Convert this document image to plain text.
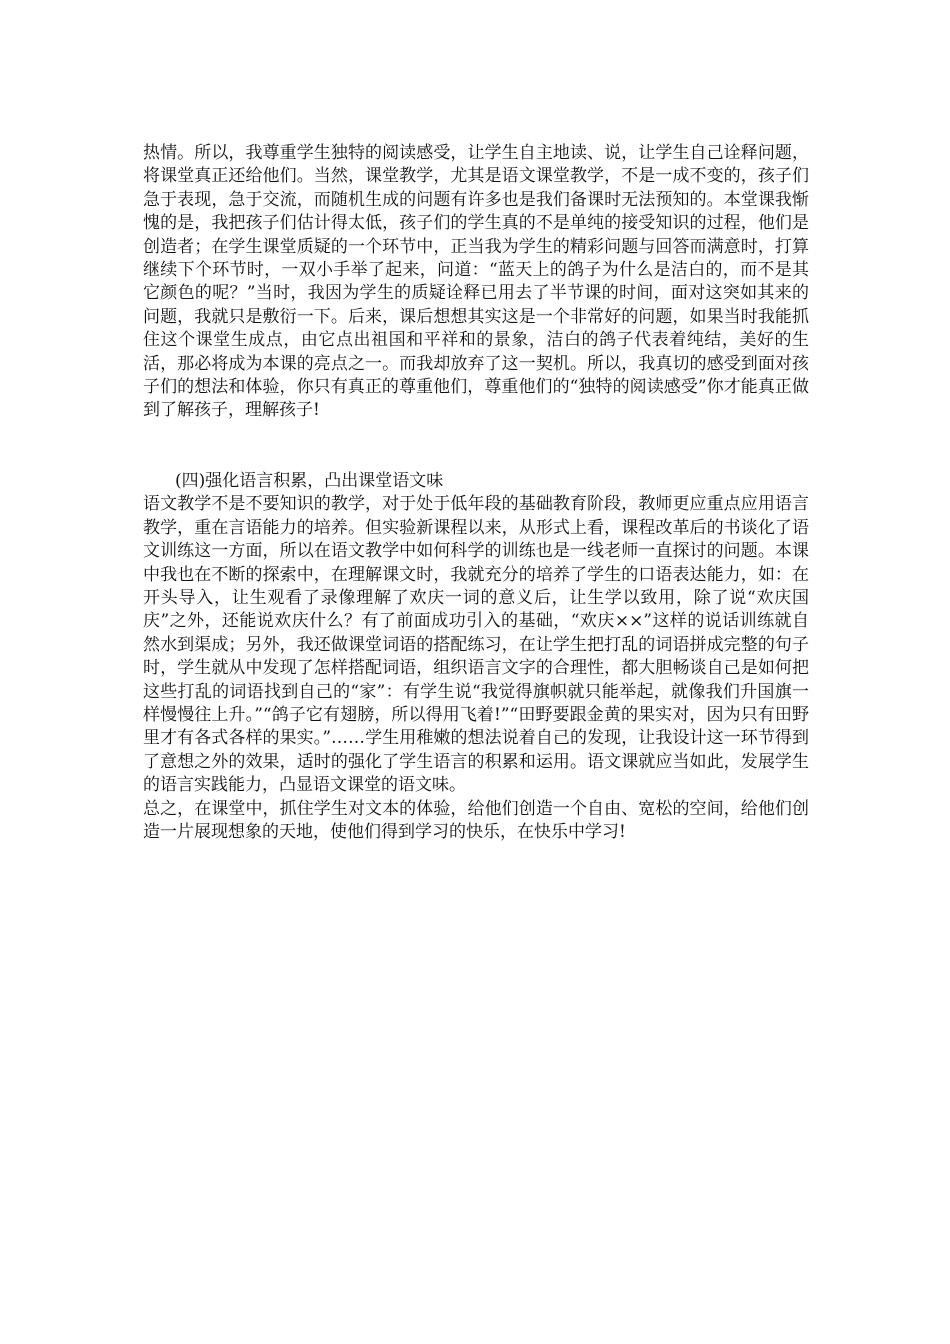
热情。所以，我尊重学生独特的阅读感受，让学生自主地读、说，让学生自己诠释问题，将课堂真正还给他们。当然，课堂教学，尤其是语文课堂教学，不是一成不变的，孩子们急于表现，急于交流，而随机生成的问题有许多也是我们备课时无法预知的。本堂课我惭愧的是，我把孩子们估计得太低，孩子们的学生真的不是单纯的接受知识的过程，他们是创造者；在学生课堂质疑的一个环节中，正当我为学生的精彩问题与回答而满意时，打算继续下个环节时，一双小手举了起来，问道：“蓝天上的鸽子为什么是洁白的，而不是其它颜色的呢？”当时，我因为学生的质疑诠释已用去了半节课的时间，面对这突如其来的问题，我就只是敷衍一下。后来，课后想想其实这是一个非常好的问题，如果当时我能抓住这个课堂生成点，由它点出祖国和平祥和的景象，洁白的鸽子代表着纯结，美好的生活，那必将成为本课的亮点之一。而我却放弃了这一契机。所以，我真切的感受到面对孩子们的想法和体验，你只有真正的尊重他们，尊重他们的“独特的阅读感受”你才能真正做到了解孩子，理解孩子!

(四)强化语言积累，凸出课堂语文味

语文教学不是不要知识的教学，对于处于低年段的基础教育阶段，教师更应重点应用语言教学，重在言语能力的培养。但实验新课程以来，从形式上看，课程改革后的书谈化了语文训练这一方面，所以在语文教学中如何科学的训练也是一线老师一直探讨的问题。本课中我也在不断的探索中，在理解课文时，我就充分的培养了学生的口语表达能力，如：在开头导入，让生观看了录像理解了欢庆一词的意义后，让生学以致用，除了说“欢庆国庆”之外，还能说欢庆什么？有了前面成功引入的基础，“欢庆××”这样的说话训练就自然水到渠成；另外，我还做课堂词语的搭配练习，在让学生把打乱的词语拼成完整的句子时，学生就从中发现了怎样搭配词语，组织语言文字的合理性，都大胆畅谈自己是如何把这些打乱的词语找到自己的“家”：有学生说“我觉得旗帜就只能举起，就像我们升国旗一样慢慢往上升。”“鸽子它有翅膀，所以得用飞着!”“田野要跟金黄的果实对，因为只有田野里才有各式各样的果实。”……学生用稚嫩的想法说着自己的发现，让我设计这一环节得到了意想之外的效果，适时的强化了学生语言的积累和运用。语文课就应当如此，发展学生的语言实践能力，凸显语文课堂的语文味。

总之，在课堂中，抓住学生对文本的体验，给他们创造一个自由、宽松的空间，给他们创造一片展现想象的天地，使他们得到学习的快乐，在快乐中学习!
